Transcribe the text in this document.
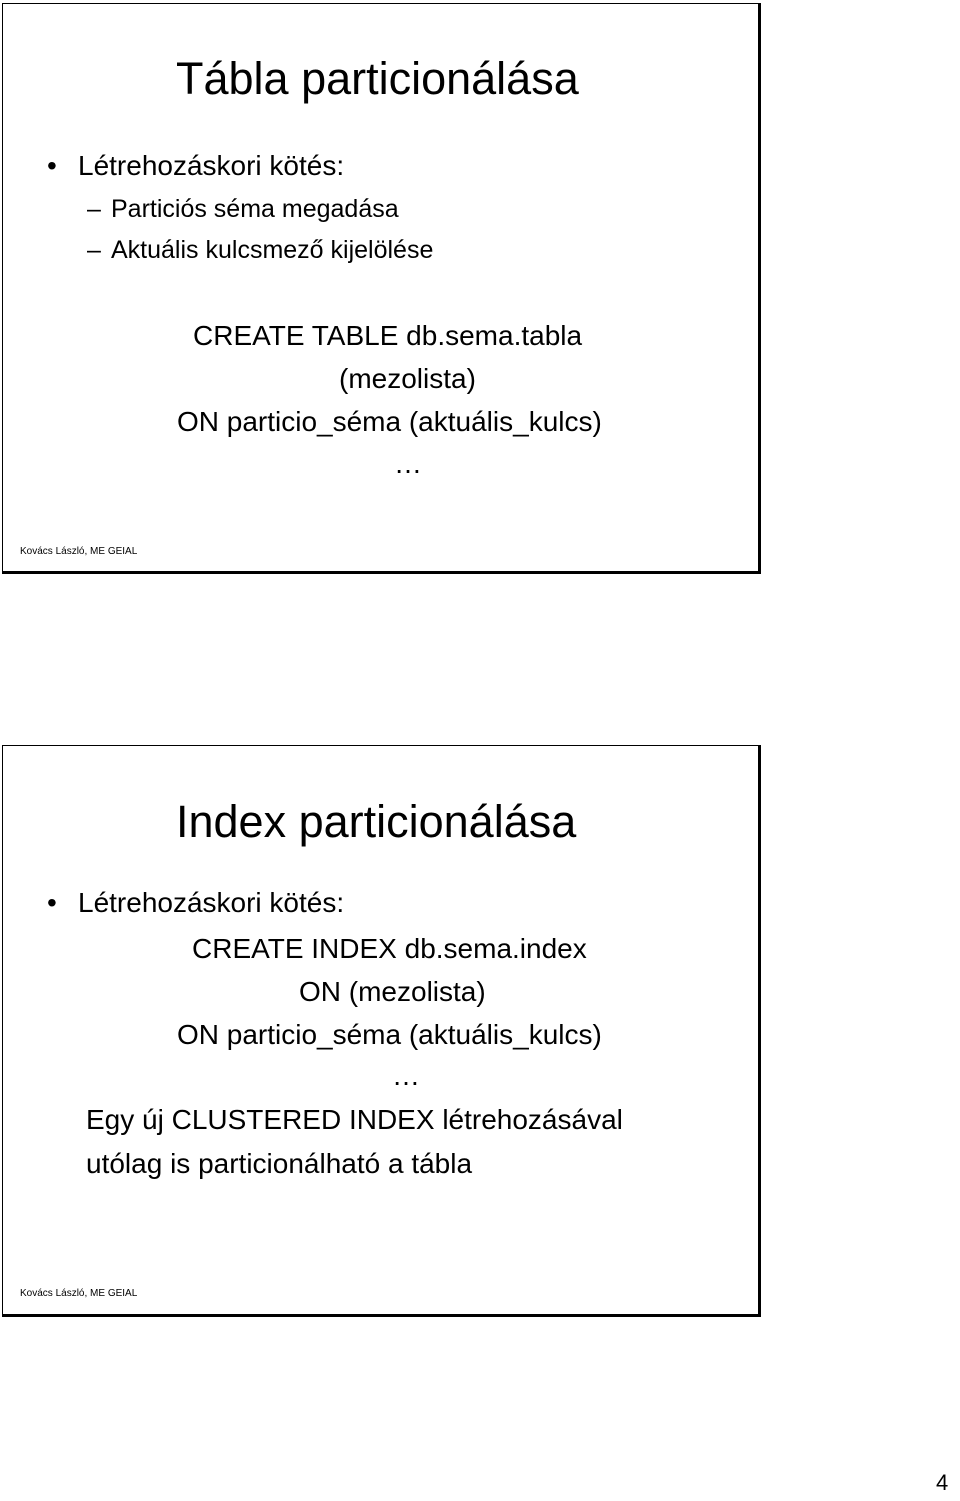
Tábla particionálása
• Létrehozáskori kötés:
– Particiós séma megadása
– Aktuális kulcsmező kijelölése
CREATE TABLE db.sema.tabla
(mezolista)
ON particio_séma (aktuális_kulcs)
…
Kovács László, ME GEIAL
Index particionálása
• Létrehozáskori kötés:
CREATE INDEX db.sema.index
ON (mezolista)
ON particio_séma (aktuális_kulcs)
…
Egy új CLUSTERED INDEX létrehozásával
utólag is particionálható a tábla
Kovács László, ME GEIAL
4
